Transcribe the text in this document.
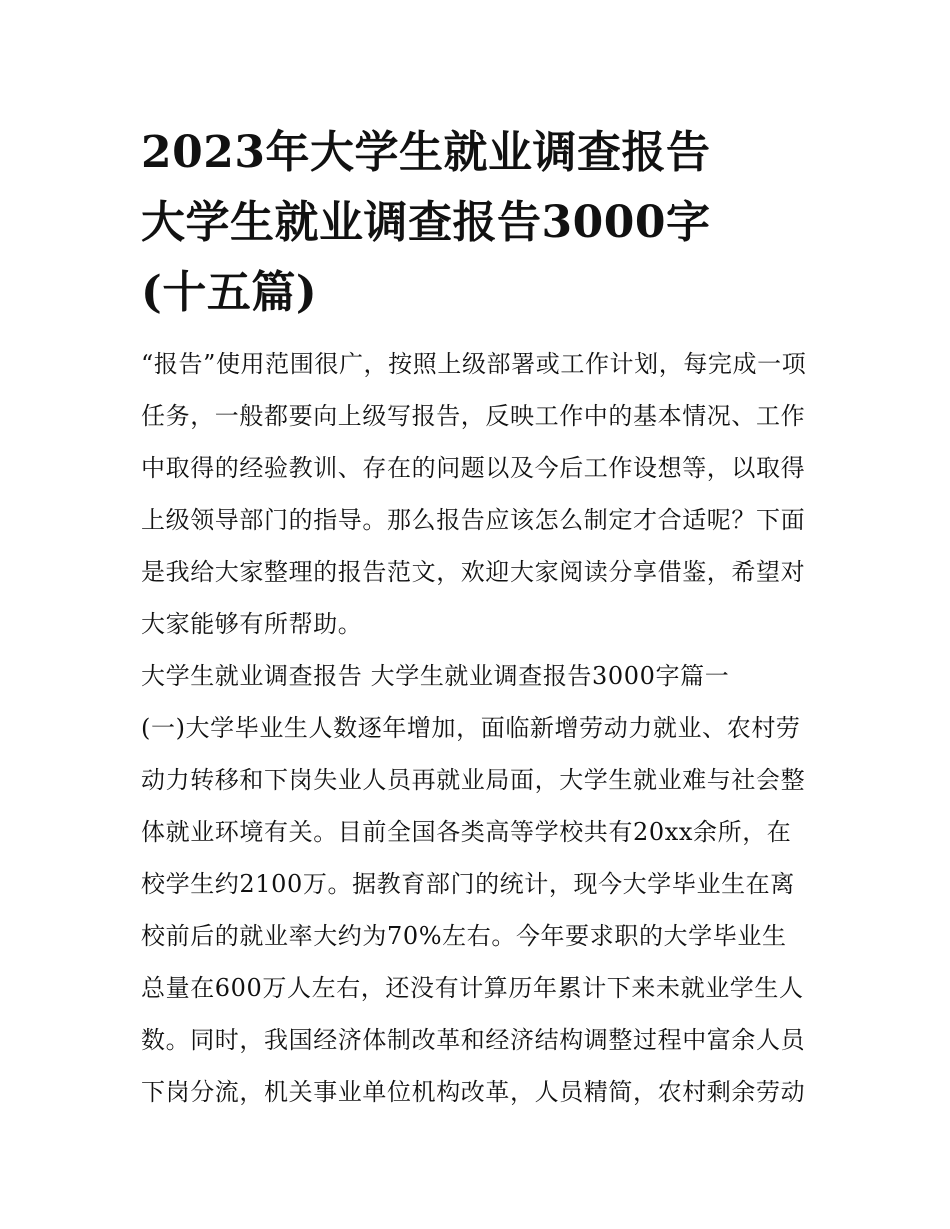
2023年大学生就业调查报告
大学生就业调查报告3000字
(十五篇)
“报告”使用范围很广，按照上级部署或工作计划，每完成一项
任务，一般都要向上级写报告，反映工作中的基本情况、工作
中取得的经验教训、存在的问题以及今后工作设想等，以取得
上级领导部门的指导。那么报告应该怎么制定才合适呢？下面
是我给大家整理的报告范文，欢迎大家阅读分享借鉴，希望对
大家能够有所帮助。
大学生就业调查报告 大学生就业调查报告3000字篇一
(一)大学毕业生人数逐年增加，面临新增劳动力就业、农村劳
动力转移和下岗失业人员再就业局面，大学生就业难与社会整
体就业环境有关。目前全国各类高等学校共有20xx余所，在
校学生约2100万。据教育部门的统计，现今大学毕业生在离
校前后的就业率大约为70%左右。今年要求职的大学毕业生
总量在600万人左右，还没有计算历年累计下来未就业学生人
数。同时，我国经济体制改革和经济结构调整过程中富余人员
下岗分流，机关事业单位机构改革，人员精简，农村剩余劳动
